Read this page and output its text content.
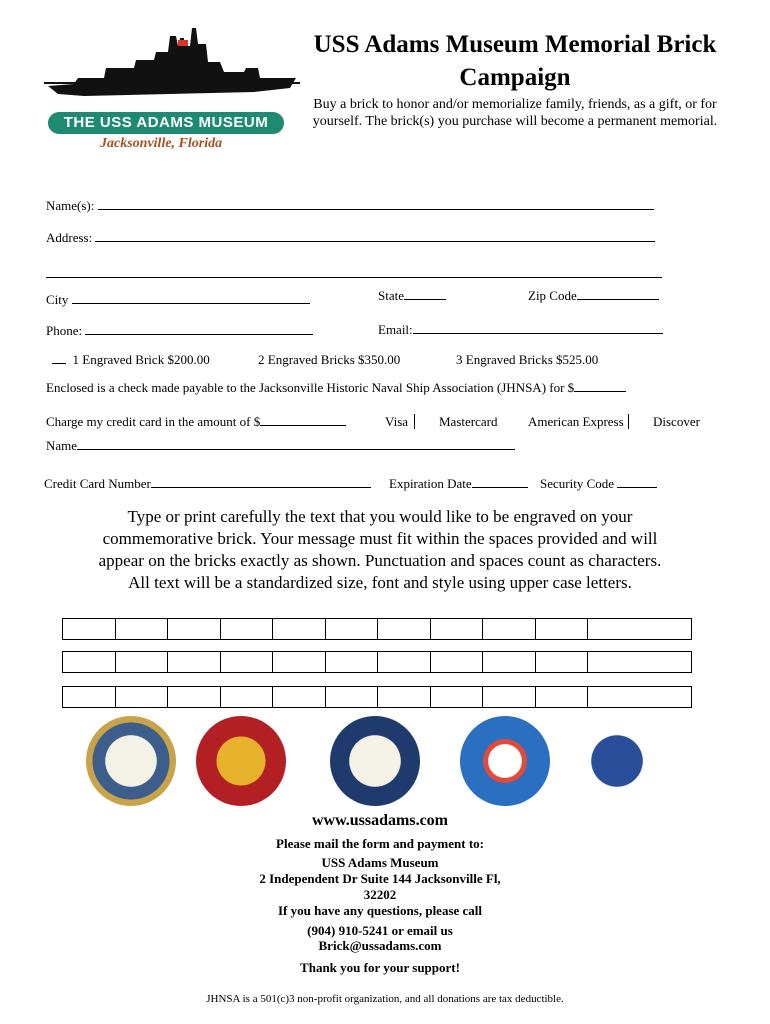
THE USS ADAMS MUSEUM
Jacksonville, Florida
USS Adams Museum Memorial Brick Campaign
Buy a brick to honor and/or memorialize family, friends, as a gift, or for yourself. The brick(s) you purchase will become a permanent memorial.
Name(s):
Address:
City	State	Zip Code
Phone:	Email:
1 Engraved Brick $200.00	2 Engraved Bricks $350.00	3 Engraved Bricks $525.00
Enclosed is a check made payable to the Jacksonville Historic Naval Ship Association (JHNSA) for $
Charge my credit card in the amount of $	Visa	Mastercard American Express	Discover
Name
Credit Card Number	Expiration Date	Security Code
Type or print carefully the text that you would like to be engraved on your commemorative brick. Your message must fit within the spaces provided and will appear on the bricks exactly as shown. Punctuation and spaces count as characters. All text will be a standardized size, font and style using upper case letters.
www.ussadams.com
Please mail the form and payment to:
USS Adams Museum
2 Independent Dr Suite 144 Jacksonville Fl,
32202
If you have any questions, please call
(904) 910-5241 or email us
Brick@ussadams.com
Thank you for your support!
JHNSA is a 501(c)3 non-profit organization, and all donations are tax deductible.
